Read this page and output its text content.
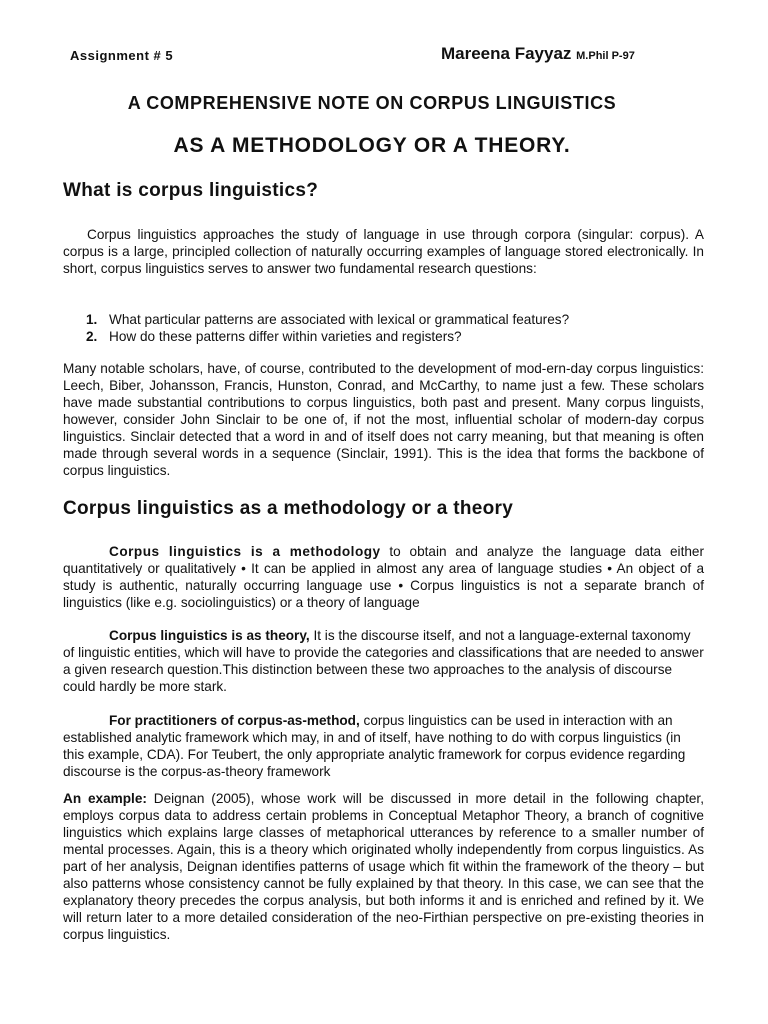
Assignment # 5	Mareena Fayyaz M.Phil P-97
A COMPREHENSIVE NOTE ON CORPUS LINGUISTICS
AS A METHODOLOGY OR A THEORY.
What is corpus linguistics?

Corpus linguistics approaches the study of language in use through corpora (singular: corpus). A corpus is a large, principled collection of naturally occurring examples of language stored electronically. In short, corpus linguistics serves to answer two fundamental research questions:

1. What particular patterns are associated with lexical or grammatical features?
2. How do these patterns differ within varieties and registers?

Many notable scholars, have, of course, contributed to the development of mod-ern-day corpus linguistics: Leech, Biber, Johansson, Francis, Hunston, Conrad, and McCarthy, to name just a few. These scholars have made substantial contributions to corpus linguistics, both past and present. Many corpus linguists, however, consider John Sinclair to be one of, if not the most, influential scholar of modern-day corpus linguistics. Sinclair detected that a word in and of itself does not carry meaning, but that meaning is often made through several words in a sequence (Sinclair, 1991). This is the idea that forms the backbone of corpus linguistics.

Corpus linguistics as a methodology or a theory

Corpus linguistics is a methodology to obtain and analyze the language data either quantitatively or qualitatively • It can be applied in almost any area of language studies • An object of a study is authentic, naturally occurring language use • Corpus linguistics is not a separate branch of linguistics (like e.g. sociolinguistics) or a theory of language

Corpus linguistics is as theory, It is the discourse itself, and not a language-external taxonomy of linguistic entities, which will have to provide the categories and classifications that are needed to answer a given research question.This distinction between these two approaches to the analysis of discourse could hardly be more stark.

For practitioners of corpus-as-method, corpus linguistics can be used in interaction with an established analytic framework which may, in and of itself, have nothing to do with corpus linguistics (in this example, CDA). For Teubert, the only appropriate analytic framework for corpus evidence regarding discourse is the corpus-as-theory framework

An example: Deignan (2005), whose work will be discussed in more detail in the following chapter, employs corpus data to address certain problems in Conceptual Metaphor Theory, a branch of cognitive linguistics which explains large classes of metaphorical utterances by reference to a smaller number of mental processes. Again, this is a theory which originated wholly independently from corpus linguistics. As part of her analysis, Deignan identifies patterns of usage which fit within the framework of the theory – but also patterns whose consistency cannot be fully explained by that theory. In this case, we can see that the explanatory theory precedes the corpus analysis, but both informs it and is enriched and refined by it. We will return later to a more detailed consideration of the neo-Firthian perspective on pre-existing theories in corpus linguistics.
